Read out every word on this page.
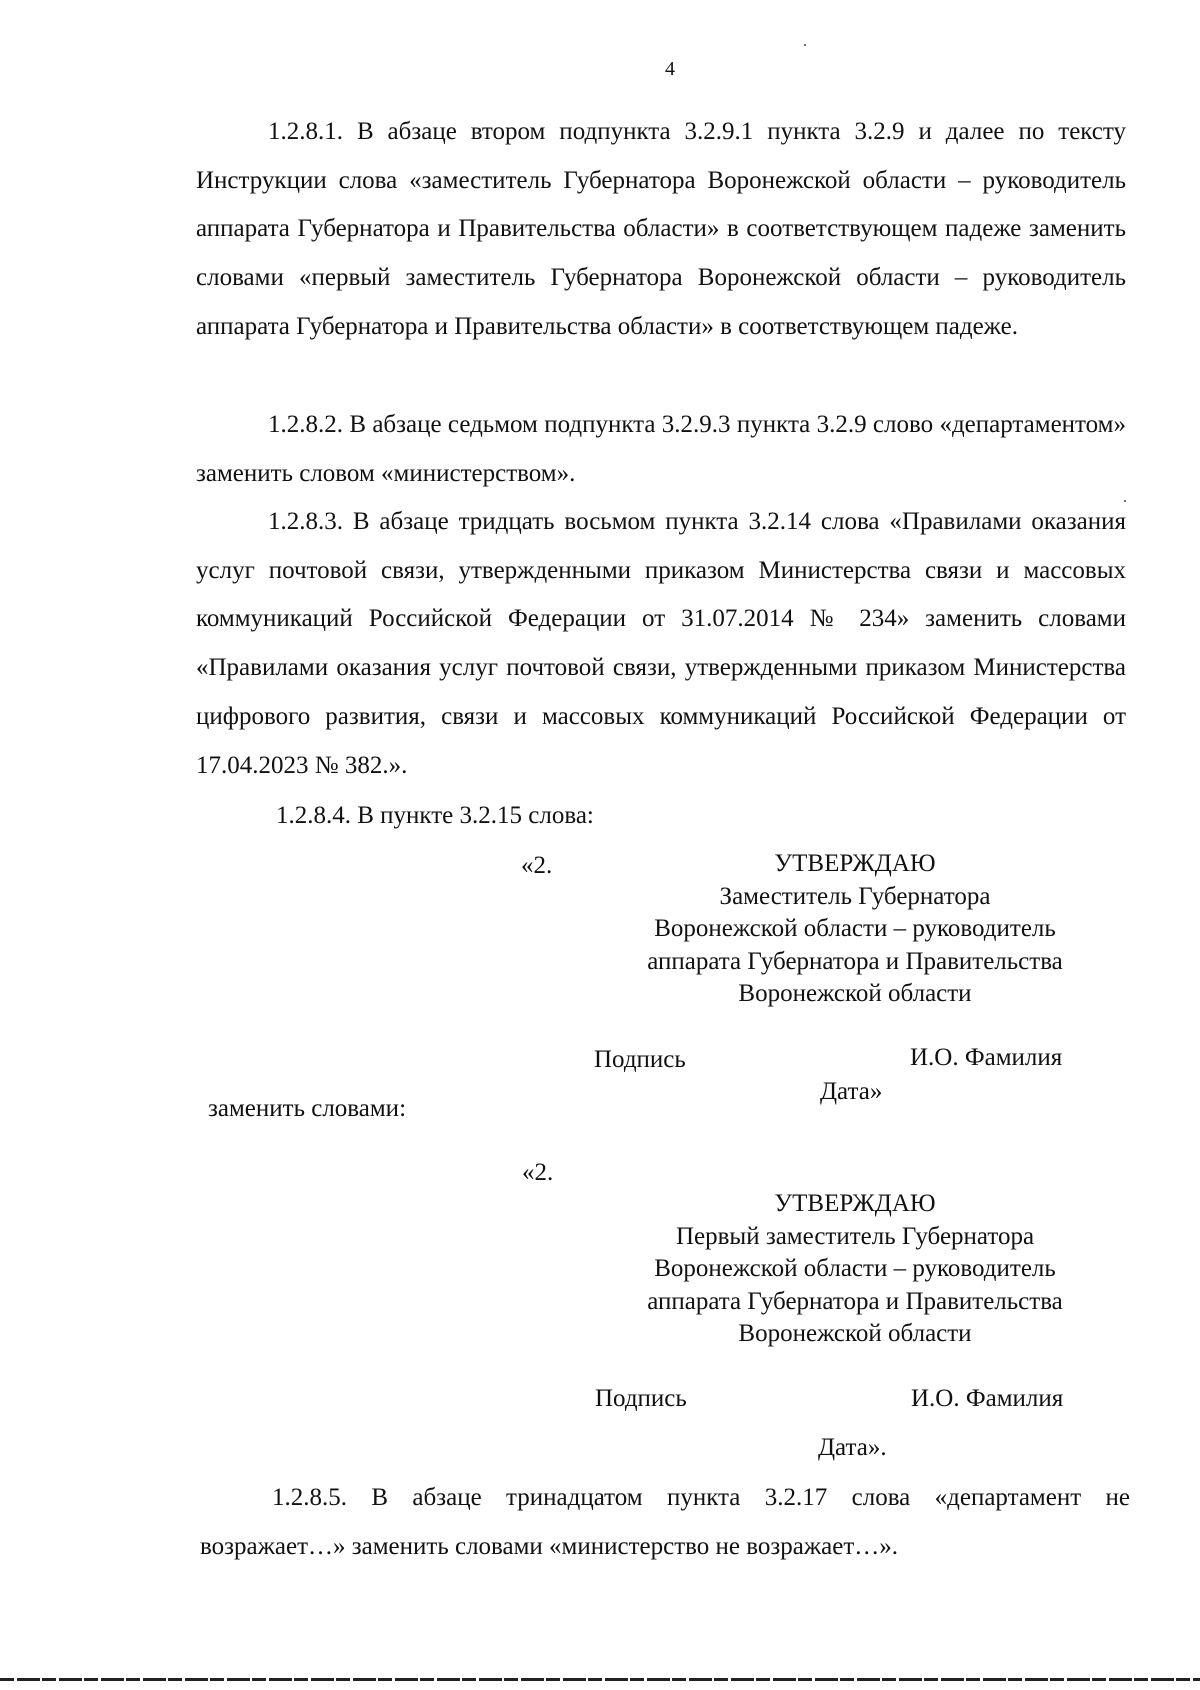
4

1.2.8.1. В абзаце втором подпункта 3.2.9.1 пункта 3.2.9 и далее по тексту Инструкции слова «заместитель Губернатора Воронежской области – руководитель аппарата Губернатора и Правительства области» в соответствующем падеже заменить словами «первый заместитель Губернатора Воронежской области – руководитель аппарата Губернатора и Правительства области» в соответствующем падеже.

1.2.8.2. В абзаце седьмом подпункта 3.2.9.3 пункта 3.2.9 слово «департаментом» заменить словом «министерством».

1.2.8.3. В абзаце тридцать восьмом пункта 3.2.14 слова «Правилами оказания услуг почтовой связи, утвержденными приказом Министерства связи и массовых коммуникаций Российской Федерации от 31.07.2014 № 234» заменить словами «Правилами оказания услуг почтовой связи, утвержденными приказом Министерства цифрового развития, связи и массовых коммуникаций Российской Федерации от 17.04.2023 № 382.».

1.2.8.4. В пункте 3.2.15 слова:

«2.	УТВЕРЖДАЮ
Заместитель Губернатора
Воронежской области – руководитель
аппарата Губернатора и Правительства
Воронежской области
Подпись	И.О. Фамилия
Дата»
заменить словами:
«2.
УТВЕРЖДАЮ
Первый заместитель Губернатора
Воронежской области – руководитель
аппарата Губернатора и Правительства
Воронежской области
Подпись	И.О. Фамилия
Дата».

1.2.8.5. В абзаце тринадцатом пункта 3.2.17 слова «департамент не возражает…» заменить словами «министерство не возражает…».
